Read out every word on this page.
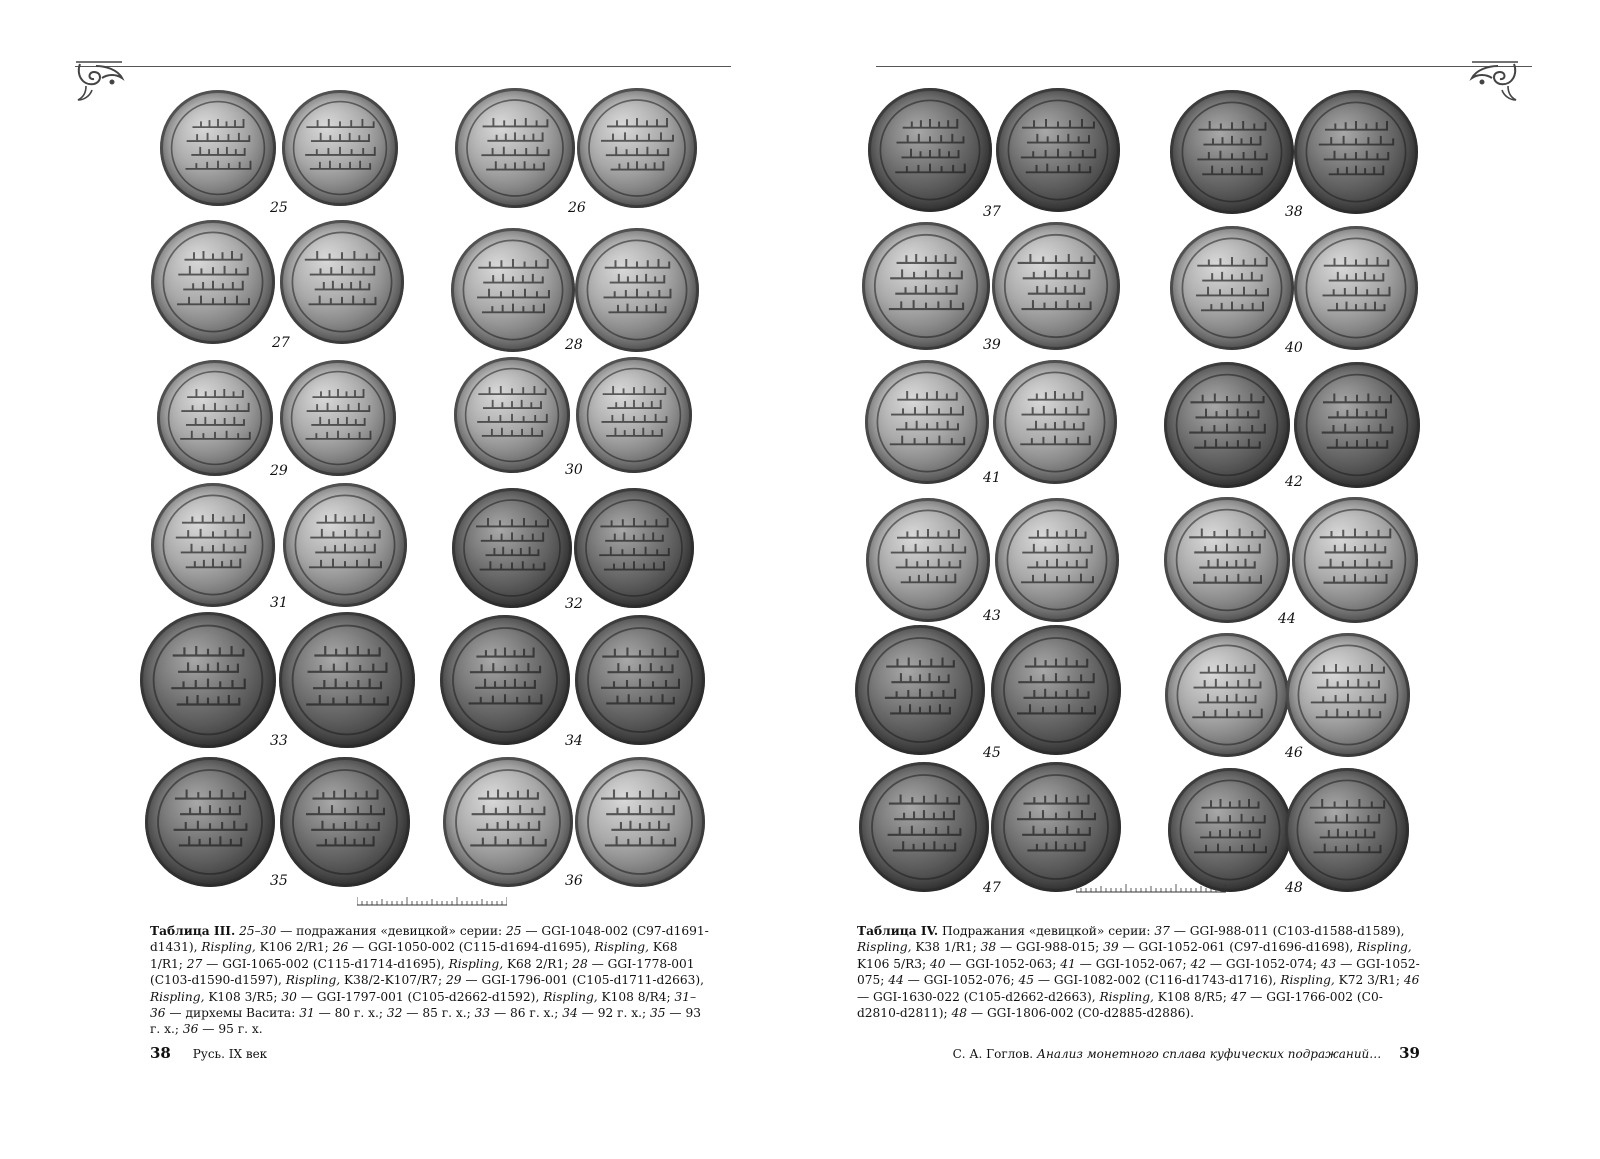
25	26
27	28
29	30
31	32
33	34
35	36
Таблица III. 25–30 — подражания «девицкой» серии: 25 — GGI-1048-002 (C97-d1691-d1431), Rispling, K106 2/R1; 26 — GGI-1050-002 (C115-d1694-d1695), Rispling, K68 1/R1; 27 — GGI-1065-002 (C115-d1714-d1695), Rispling, K68 2/R1; 28 — GGI-1778-001 (C103-d1590-d1597), Rispling, K38/2-K107/R7; 29 — GGI-1796-001 (C105-d1711-d2663), Rispling, K108 3/R5; 30 — GGI-1797-001 (C105-d2662-d1592), Rispling, K108 8/R4; 31–36 — дирхемы Васита: 31 — 80 г. х.; 32 — 85 г. х.; 33 — 86 г. х.; 34 — 92 г. х.; 35 — 93 г. х.; 36 — 95 г. х.
38 Русь. IX век
37	38
39	40
41	42
43	44
45	46
47	48
Таблица IV. Подражания «девицкой» серии: 37 — GGI-988-011 (C103-d1588-d1589), Rispling, K38 1/R1; 38 — GGI-988-015; 39 — GGI-1052-061 (C97-d1696-d1698), Rispling, K106 5/R3; 40 — GGI-1052-063; 41 — GGI-1052-067; 42 — GGI-1052-074; 43 — GGI-1052-075; 44 — GGI-1052-076; 45 — GGI-1082-002 (C116-d1743-d1716), Rispling, K72 3/R1; 46 — GGI-1630-022 (C105-d2662-d2663), Rispling, K108 8/R5; 47 — GGI-1766-002 (C0-d2810-d2811); 48 — GGI-1806-002 (C0-d2885-d2886).
С. А. Гоглов. Анализ монетного сплава куфических подражаний… 39
